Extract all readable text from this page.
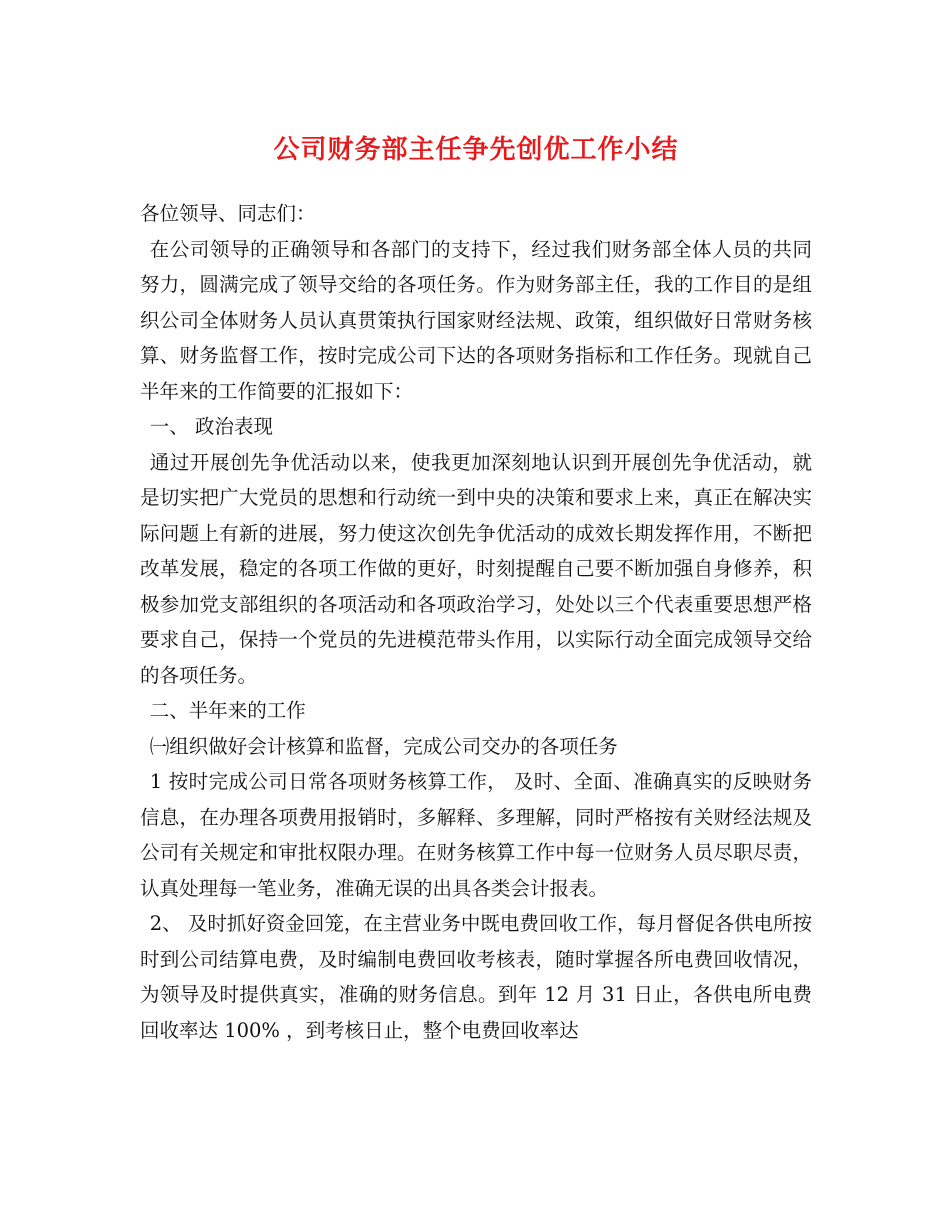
公司财务部主任争先创优工作小结

各位领导、同志们：

在公司领导的正确领导和各部门的支持下，经过我们财务部全体人员的共同努力，圆满完成了领导交给的各项任务。作为财务部主任，我的工作目的是组织公司全体财务人员认真贯策执行国家财经法规、政策，组织做好日常财务核算、财务监督工作，按时完成公司下达的各项财务指标和工作任务。现就自己半年来的工作简要的汇报如下：

一、 政治表现

通过开展创先争优活动以来，使我更加深刻地认识到开展创先争优活动，就是切实把广大党员的思想和行动统一到中央的决策和要求上来，真正在解决实际问题上有新的进展，努力使这次创先争优活动的成效长期发挥作用，不断把改革发展，稳定的各项工作做的更好，时刻提醒自己要不断加强自身修养，积极参加党支部组织的各项活动和各项政治学习，处处以三个代表重要思想严格要求自己，保持一个党员的先进模范带头作用，以实际行动全面完成领导交给的各项任务。

二、半年来的工作

㈠组织做好会计核算和监督，完成公司交办的各项任务

1 按时完成公司日常各项财务核算工作， 及时、全面、准确真实的反映财务信息，在办理各项费用报销时，多解释、多理解，同时严格按有关财经法规及公司有关规定和审批权限办理。在财务核算工作中每一位财务人员尽职尽责，认真处理每一笔业务，准确无误的出具各类会计报表。

2、 及时抓好资金回笼，在主营业务中既电费回收工作，每月督促各供电所按时到公司结算电费，及时编制电费回收考核表，随时掌握各所电费回收情况，为领导及时提供真实，准确的财务信息。到年 12 月 31 日止，各供电所电费回收率达 100% ，到考核日止，整个电费回收率达
